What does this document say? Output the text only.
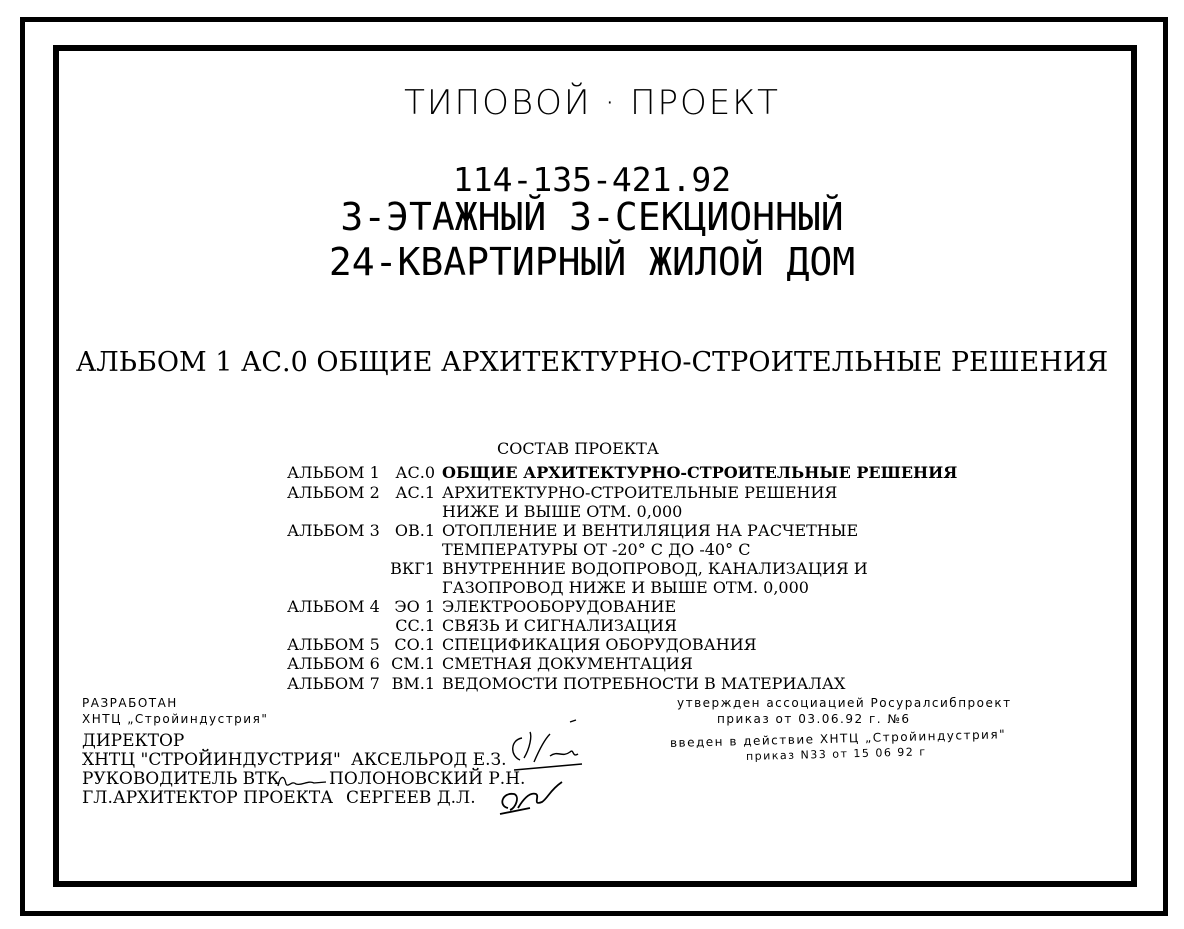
ТИПОВОЙ · ПРОЕКТ
114-135-421.92
3-ЭТАЖНЫЙ 3-СЕКЦИОННЫЙ
24-КВАРТИРНЫЙ ЖИЛОЙ ДОМ
АЛЬБОМ 1 АС.0 ОБЩИЕ АРХИТЕКТУРНО-СТРОИТЕЛЬНЫЕ РЕШЕНИЯ
СОСТАВ ПРОЕКТА
АЛЬБОМ 1 АС.0 ОБЩИЕ АРХИТЕКТУРНО-СТРОИТЕЛЬНЫЕ РЕШЕНИЯ
АЛЬБОМ 2 АС.1 АРХИТЕКТУРНО-СТРОИТЕЛЬНЫЕ РЕШЕНИЯ
НИЖЕ И ВЫШЕ ОТМ. 0,000
АЛЬБОМ 3 ОВ.1 ОТОПЛЕНИЕ И ВЕНТИЛЯЦИЯ НА РАСЧЕТНЫЕ
ТЕМПЕРАТУРЫ ОТ -20° С ДО -40° С
ВКГ1 ВНУТРЕННИЕ ВОДОПРОВОД, КАНАЛИЗАЦИЯ И
ГАЗОПРОВОД НИЖЕ И ВЫШЕ ОТМ. 0,000
АЛЬБОМ 4 ЭО 1 ЭЛЕКТРООБОРУДОВАНИЕ
СС.1 СВЯЗЬ И СИГНАЛИЗАЦИЯ
АЛЬБОМ 5 СО.1 СПЕЦИФИКАЦИЯ ОБОРУДОВАНИЯ
АЛЬБОМ 6 СМ.1 СМЕТНАЯ ДОКУМЕНТАЦИЯ
АЛЬБОМ 7 ВМ.1 ВЕДОМОСТИ ПОТРЕБНОСТИ В МАТЕРИАЛАХ
РАЗРАБОТАН
ХНТЦ „Стройиндустрия"
ДИРЕКТОР
ХНТЦ "СТРОЙИНДУСТРИЯ" АКСЕЛЬРОД Е.З.
РУКОВОДИТЕЛЬ ВТК	ПОЛОНОВСКИЙ Р.Н.
ГЛ.АРХИТЕКТОР ПРОЕКТА СЕРГЕЕВ Д.Л.
утвержден ассоциацией Росуралсибпроект
приказ от 03.06.92 г. №6
введен в действие ХНТЦ „Стройиндустрия"
приказ N33 от 15 06 92 г
